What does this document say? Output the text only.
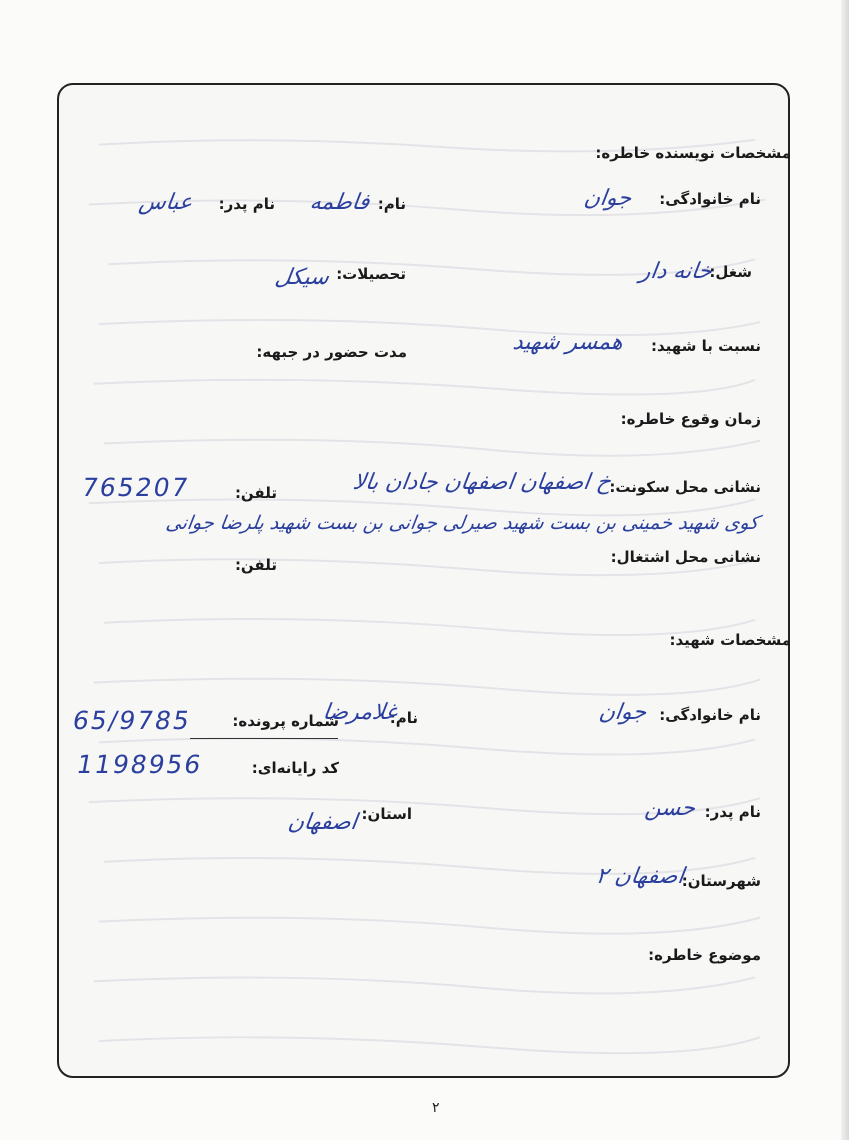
مشخصات نویسنده خاطره:
نام خانوادگی:
جوان
نام:
فاطمه
نام پدر:
عباس
شغل:
خانه دار
تحصیلات:
سیکل
نسبت با شهید:
همسر شهید
مدت حضور در جبهه:
زمان وقوع خاطره:
نشانی محل سکونت:
خ اصفهان اصفهان جادان بالا
تلفن:
765207
کوی شهید خمینی بن بست شهید صیرلی جوانی بن بست شهید پلرضا جوانی
نشانی محل اشتغال:
تلفن:
مشخصات شهید:
نام خانوادگی:
جوان
نام:
غلامرضا
شماره پرونده:
65/9785
کد رایانه‌ای:
1198956
نام پدر:
حسن
استان:
اصفهان
شهرستان:
اصفهان ۲
موضوع خاطره:
۲
